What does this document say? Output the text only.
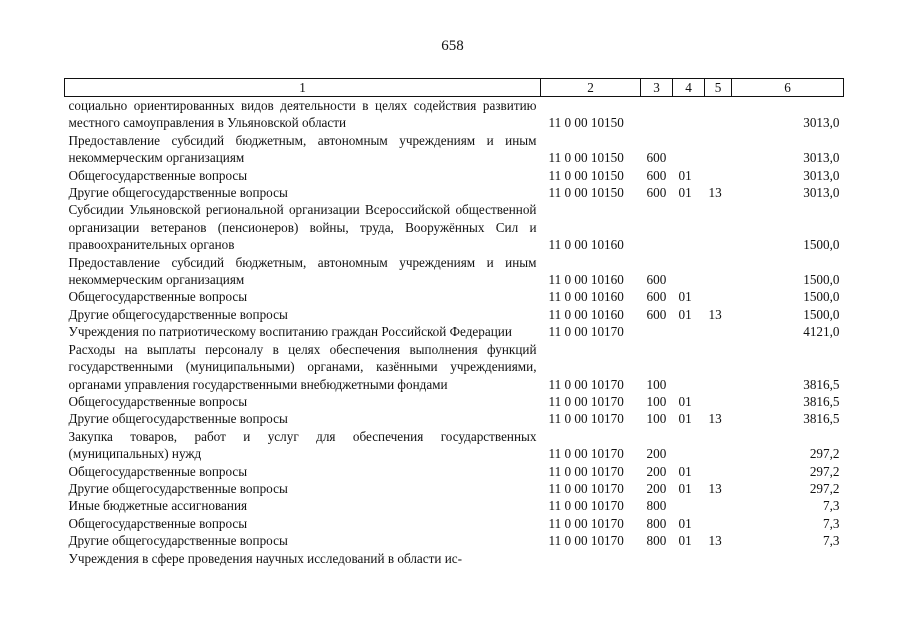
658
1	2	3	4	5	6
социально ориентированных видов деятельности в целях содействия развитию местного самоуправления в Ульяновской области	11 0 00 10150				3013,0
Предоставление субсидий бюджетным, автономным учреждениям и иным некоммерческим организациям	11 0 00 10150	600			3013,0
Общегосударственные вопросы	11 0 00 10150	600	01		3013,0
Другие общегосударственные вопросы	11 0 00 10150	600	01	13	3013,0
Субсидии Ульяновской региональной организации Всероссийской общественной организации ветеранов (пенсионеров) войны, труда, Вооружённых Сил и правоохранительных органов	11 0 00 10160				1500,0
Предоставление субсидий бюджетным, автономным учреждениям и иным некоммерческим организациям	11 0 00 10160	600			1500,0
Общегосударственные вопросы	11 0 00 10160	600	01		1500,0
Другие общегосударственные вопросы	11 0 00 10160	600	01	13	1500,0
Учреждения по патриотическому воспитанию граждан Российской Федерации	11 0 00 10170				4121,0
Расходы на выплаты персоналу в целях обеспечения выполнения функций государственными (муниципальными) органами, казёнными учреждениями, органами управления государственными внебюджетными фондами	11 0 00 10170	100			3816,5
Общегосударственные вопросы	11 0 00 10170	100	01		3816,5
Другие общегосударственные вопросы	11 0 00 10170	100	01	13	3816,5
Закупка товаров, работ и услуг для обеспечения государственных (муниципальных) нужд	11 0 00 10170	200			297,2
Общегосударственные вопросы	11 0 00 10170	200	01		297,2
Другие общегосударственные вопросы	11 0 00 10170	200	01	13	297,2
Иные бюджетные ассигнования	11 0 00 10170	800			7,3
Общегосударственные вопросы	11 0 00 10170	800	01		7,3
Другие общегосударственные вопросы	11 0 00 10170	800	01	13	7,3
Учреждения в сфере проведения научных исследований в области ис-					
